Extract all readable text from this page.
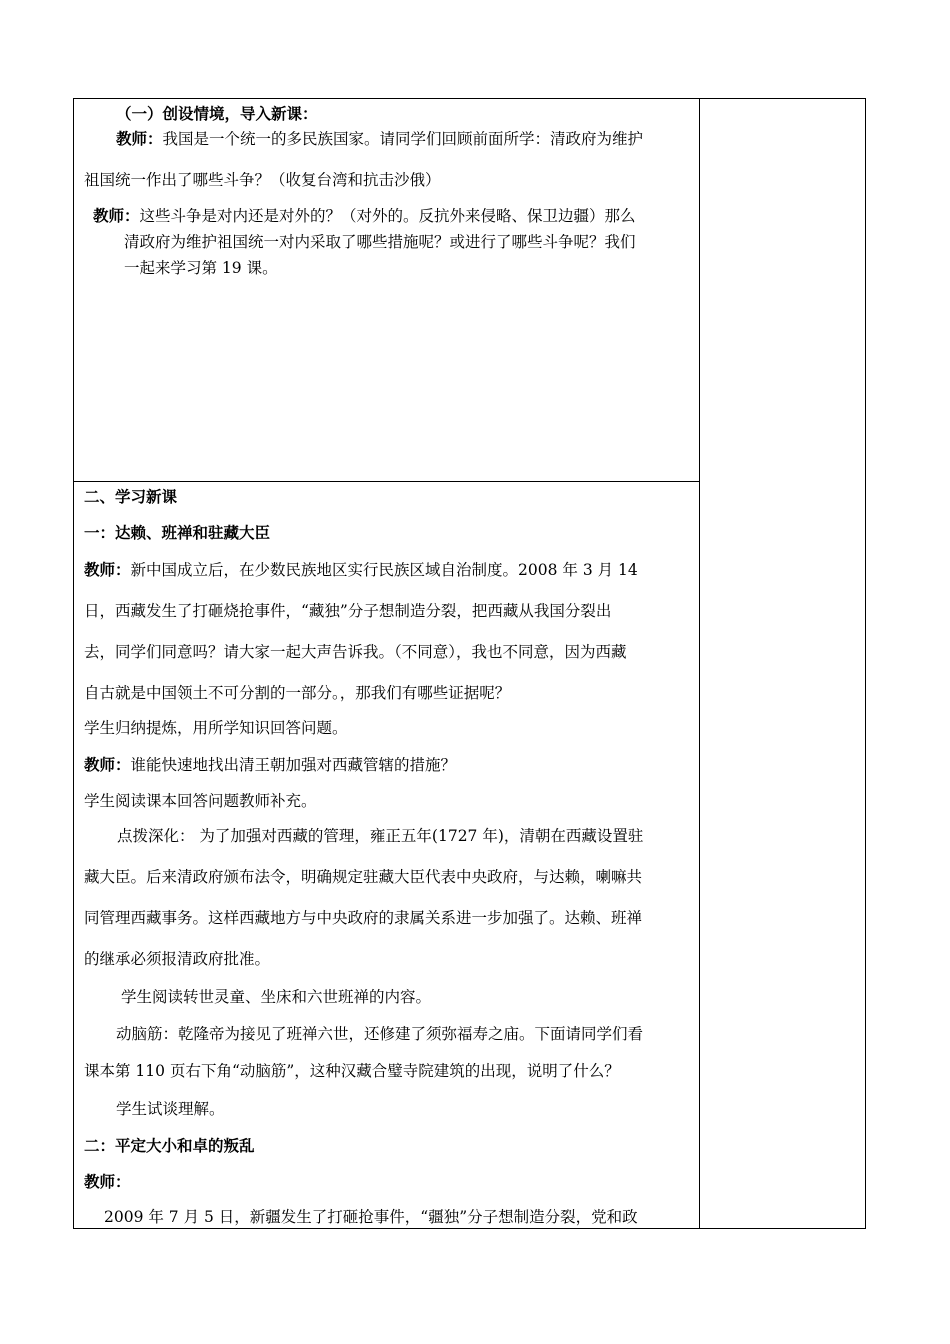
（一）创设情境，导入新课：
教师：我国是一个统一的多民族国家。请同学们回顾前面所学：清政府为维护
祖国统一作出了哪些斗争？（收复台湾和抗击沙俄）
教师：这些斗争是对内还是对外的？（对外的。反抗外来侵略、保卫边疆）那么
清政府为维护祖国统一对内采取了哪些措施呢？或进行了哪些斗争呢？我们
一起来学习第 19 课。
二、学习新课
一：达赖、班禅和驻藏大臣
教师：新中国成立后，在少数民族地区实行民族区域自治制度。2008 年 3 月 14
日，西藏发生了打砸烧抢事件，“藏独”分子想制造分裂，把西藏从我国分裂出
去，同学们同意吗？请大家一起大声告诉我。（不同意），我也不同意，因为西藏
自古就是中国领土不可分割的一部分。，那我们有哪些证据呢？
学生归纳提炼，用所学知识回答问题。
教师：谁能快速地找出清王朝加强对西藏管辖的措施？
学生阅读课本回答问题教师补充。
点拨深化： 为了加强对西藏的管理，雍正五年(1727 年)，清朝在西藏设置驻
藏大臣。后来清政府颁布法令，明确规定驻藏大臣代表中央政府，与达赖，喇嘛共
同管理西藏事务。这样西藏地方与中央政府的隶属关系进一步加强了。达赖、班禅
的继承必须报清政府批准。
学生阅读转世灵童、坐床和六世班禅的内容。
动脑筋：乾隆帝为接见了班禅六世，还修建了须弥福寿之庙。下面请同学们看
课本第 110 页右下角“动脑筋”，这种汉藏合璧寺院建筑的出现，说明了什么？
学生试谈理解。
二：平定大小和卓的叛乱
教师：
2009 年 7 月 5 日，新疆发生了打砸抢事件，“疆独”分子想制造分裂，党和政
